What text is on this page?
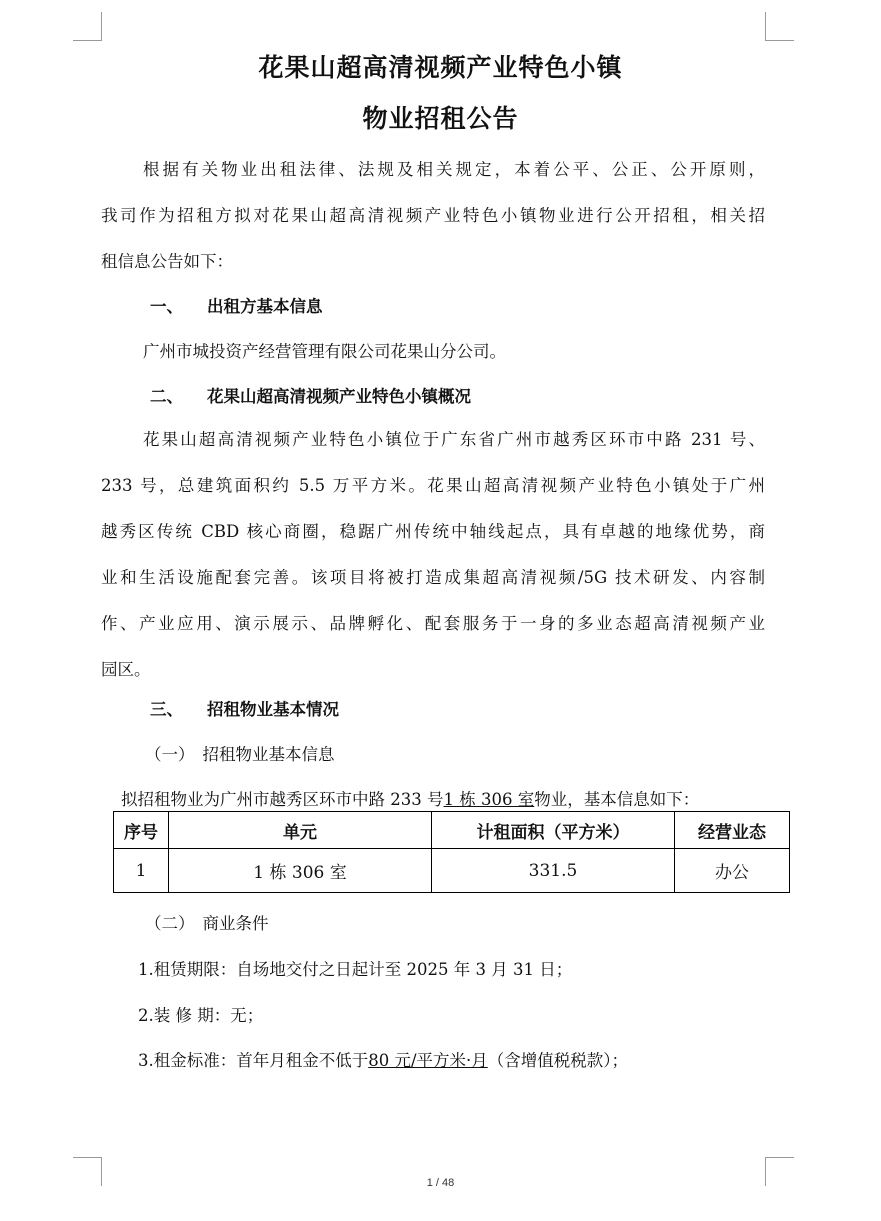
花果山超高清视频产业特色小镇
物业招租公告
根据有关物业出租法律、法规及相关规定，本着公平、公正、公开原则，
我司作为招租方拟对花果山超高清视频产业特色小镇物业进行公开招租，相关招
租信息公告如下：
一、 出租方基本信息
广州市城投资产经营管理有限公司花果山分公司。
二、 花果山超高清视频产业特色小镇概况
花果山超高清视频产业特色小镇位于广东省广州市越秀区环市中路 231 号、
233 号，总建筑面积约 5.5 万平方米。花果山超高清视频产业特色小镇处于广州
越秀区传统 CBD 核心商圈，稳踞广州传统中轴线起点，具有卓越的地缘优势，商
业和生活设施配套完善。该项目将被打造成集超高清视频/5G 技术研发、内容制
作、产业应用、演示展示、品牌孵化、配套服务于一身的多业态超高清视频产业
园区。
三、 招租物业基本情况
（一） 招租物业基本信息
拟招租物业为广州市越秀区环市中路 233 号1 栋 306 室物业，基本信息如下：
序号	单元	计租面积（平方米）	经营业态
1	1 栋 306 室	331.5	办公
（二） 商业条件
1.租赁期限：自场地交付之日起计至 2025 年 3 月 31 日；
2.装 修 期：无；
3.租金标准：首年月租金不低于80 元/平方米·月（含增值税税款）；
1 / 48
